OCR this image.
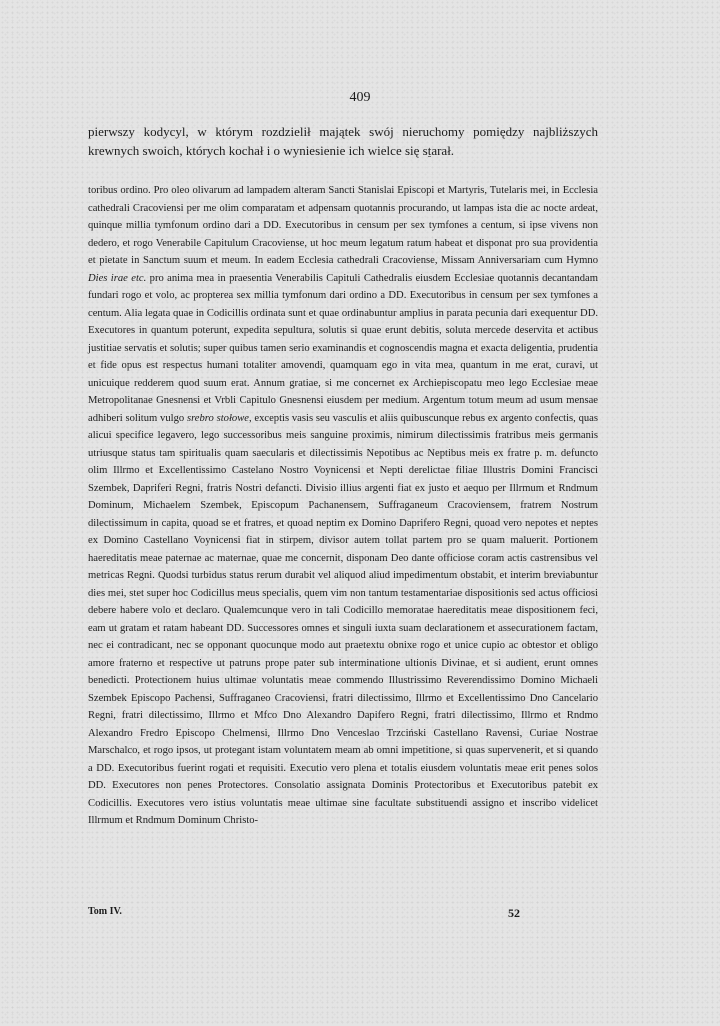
409

pierwszy kodycyl, w którym rozdzielił majątek swój nieruchomy pomiędzy najbliższych krewnych swoich, których kochał i o wyniesienie ich wielce się starał.

toribus ordino. Pro oleo olivarum ad lampadem alteram Sancti Stanislai Episcopi et Martyris, Tutelaris mei, in Ecclesia cathedrali Cracoviensi per me olim comparatam et adpensam quotannis procurando, ut lampas ista die ac nocte ardeat, quinque millia tymfonum ordino dari a DD. Executoribus in censum per sex tymfones a centum, si ipse vivens non dedero, et rogo Venerabile Capitulum Cracoviense, ut hoc meum legatum ratum habeat et disponat pro sua providentia et pietate in Sanctum suum et meum. In eadem Ecclesia cathedrali Cracoviense, Missam Anniversariam cum Hymno Dies irae etc. pro anima mea in praesentia Venerabilis Capituli Cathedralis eiusdem Ecclesiae quotannis decantandam fundari rogo et volo, ac propterea sex millia tymfonum dari ordino a DD. Executoribus in censum per sex tymfones a centum. Alia legata quae in Codicillis ordinata sunt et quae ordinabuntur amplius in parata pecunia dari exequentur DD. Executores in quantum poterunt, expedita sepultura, solutis si quae erunt debitis, soluta mercede deservita et actibus justitiae servatis et solutis; super quibus tamen serio examinandis et cognoscendis magna et exacta deligentia, prudentia et fide opus est respectus humani totaliter amovendi, quamquam ego in vita mea, quantum in me erat, curavi, ut unicuique redderem quod suum erat. Annum gratiae, si me concernet ex Archiepiscopatu meo lego Ecclesiae meae Metropolitanae Gnesnensi et Vrbli Capitulo Gnesnensi eiusdem per medium. Argentum totum meum ad usum mensae adhiberi solitum vulgo srebro stołowe, exceptis vasis seu vasculis et aliis quibuscunque rebus ex argento confectis, quas alicui specifice legavero, lego successoribus meis sanguine proximis, nimirum dilectissimis fratribus meis germanis utriusque status tam spiritualis quam saecularis et dilectissimis Nepotibus ac Neptibus meis ex fratre p. m. defuncto olim Illrmo et Excellentissimo Castelano Nostro Voynicensi et Nepti derelictae filiae Illustris Domini Francisci Szembek, Dapriferi Regni, fratris Nostri defancti. Divisio illius argenti fiat ex justo et aequo per Illrmum et Rndmum Dominum, Michaelem Szembek, Episcopum Pachanensem, Suffraganeum Cracoviensem, fratrem Nostrum dilectissimum in capita, quoad se et fratres, et quoad neptim ex Domino Daprifero Regni, quoad vero nepotes et neptes ex Domino Castellano Voynicensi fiat in stirpem, divisor autem tollat partem pro se quam maluerit. Portionem haereditatis meae paternae ac maternae, quae me concernit, disponam Deo dante officiose coram actis castrensibus vel metricas Regni. Quodsi turbidus status rerum durabit vel aliquod aliud impedimentum obstabit, et interim breviabuntur dies mei, stet super hoc Codicillus meus specialis, quem vim non tantum testamentariae dispositionis sed actus officiosi debere habere volo et declaro. Qualemcunque vero in tali Codicillo memoratae haereditatis meae dispositionem feci, eam ut gratam et ratam habeant DD. Successores omnes et singuli iuxta suam declarationem et assecurationem factam, nec ei contradicant, nec se opponant quocunque modo aut praetextu obnixe rogo et unice cupio ac obtestor et obligo amore fraterno et respective ut patruns prope pater sub interminatione ultionis Divinae, et si audient, erunt omnes benedicti. Protectionem huius ultimae voluntatis meae commendo Illustrissimo Reverendissimo Domino Michaeli Szembek Episcopo Pachensi, Suffraganeo Cracoviensi, fratri dilectissimo, Illrmo et Excellentissimo Dno Cancelario Regni, fratri dilectissimo, Illrmo et Mfco Dno Alexandro Dapifero Regni, fratri dilectissimo, Illrmo et Rndmo Alexandro Fredro Episcopo Chelmensi, Illrmo Dno Venceslao Trzciński Castellano Ravensi, Curiae Nostrae Marschalco, et rogo ipsos, ut protegant istam voluntatem meam ab omni impetitione, si quas supervenerit, et si quando a DD. Executoribus fuerint rogati et requisiti. Executio vero plena et totalis eiusdem voluntatis meae erit penes solos DD. Executores non penes Protectores. Consolatio assignata Dominis Protectoribus et Executoribus patebit ex Codicillis. Executores vero istius voluntatis meae ultimae sine facultate substituendi assigno et inscribo videlicet Illrmum et Rndmum Dominum Christo-

Tom IV.	52
